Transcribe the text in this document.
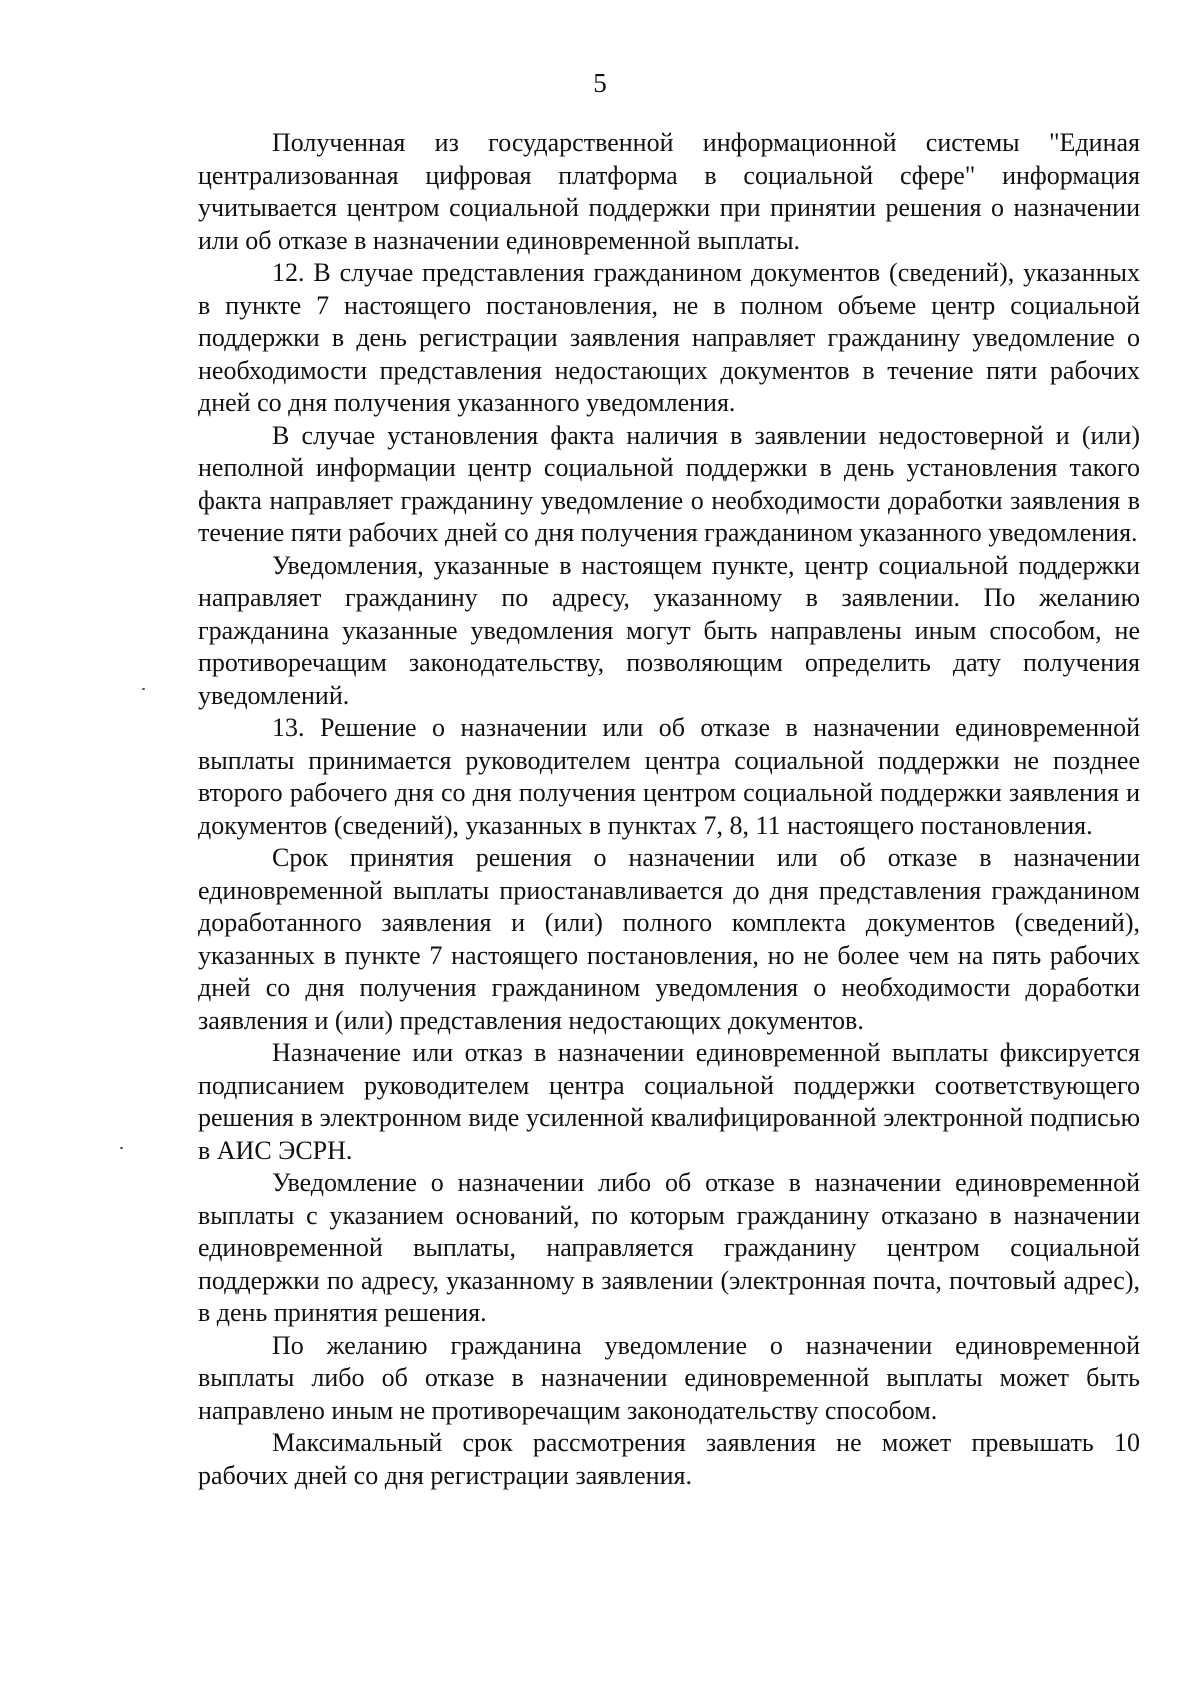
5

Полученная из государственной информационной системы "Единая централизованная цифровая платформа в социальной сфере" информация учитывается центром социальной поддержки при принятии решения о назначении или об отказе в назначении единовременной выплаты.

12. В случае представления гражданином документов (сведений), указанных в пункте 7 настоящего постановления, не в полном объеме центр социальной поддержки в день регистрации заявления направляет гражданину уведомление о необходимости представления недостающих документов в течение пяти рабочих дней со дня получения указанного уведомления.

В случае установления факта наличия в заявлении недостоверной и (или) неполной информации центр социальной поддержки в день установления такого факта направляет гражданину уведомление о необходимости доработки заявления в течение пяти рабочих дней со дня получения гражданином указанного уведомления.

Уведомления, указанные в настоящем пункте, центр социальной поддержки направляет гражданину по адресу, указанному в заявлении. По желанию гражданина указанные уведомления могут быть направлены иным способом, не противоречащим законодательству, позволяющим определить дату получения уведомлений.

13. Решение о назначении или об отказе в назначении единовременной выплаты принимается руководителем центра социальной поддержки не позднее второго рабочего дня со дня получения центром социальной поддержки заявления и документов (сведений), указанных в пунктах 7, 8, 11 настоящего постановления.

Срок принятия решения о назначении или об отказе в назначении единовременной выплаты приостанавливается до дня представления гражданином доработанного заявления и (или) полного комплекта документов (сведений), указанных в пункте 7 настоящего постановления, но не более чем на пять рабочих дней со дня получения гражданином уведомления о необходимости доработки заявления и (или) представления недостающих документов.

Назначение или отказ в назначении единовременной выплаты фиксируется подписанием руководителем центра социальной поддержки соответствующего решения в электронном виде усиленной квалифицированной электронной подписью в АИС ЭСРН.

Уведомление о назначении либо об отказе в назначении единовременной выплаты с указанием оснований, по которым гражданину отказано в назначении единовременной выплаты, направляется гражданину центром социальной поддержки по адресу, указанному в заявлении (электронная почта, почтовый адрес), в день принятия решения.

По желанию гражданина уведомление о назначении единовременной выплаты либо об отказе в назначении единовременной выплаты может быть направлено иным не противоречащим законодательству способом.

Максимальный срок рассмотрения заявления не может превышать 10 рабочих дней со дня регистрации заявления.
